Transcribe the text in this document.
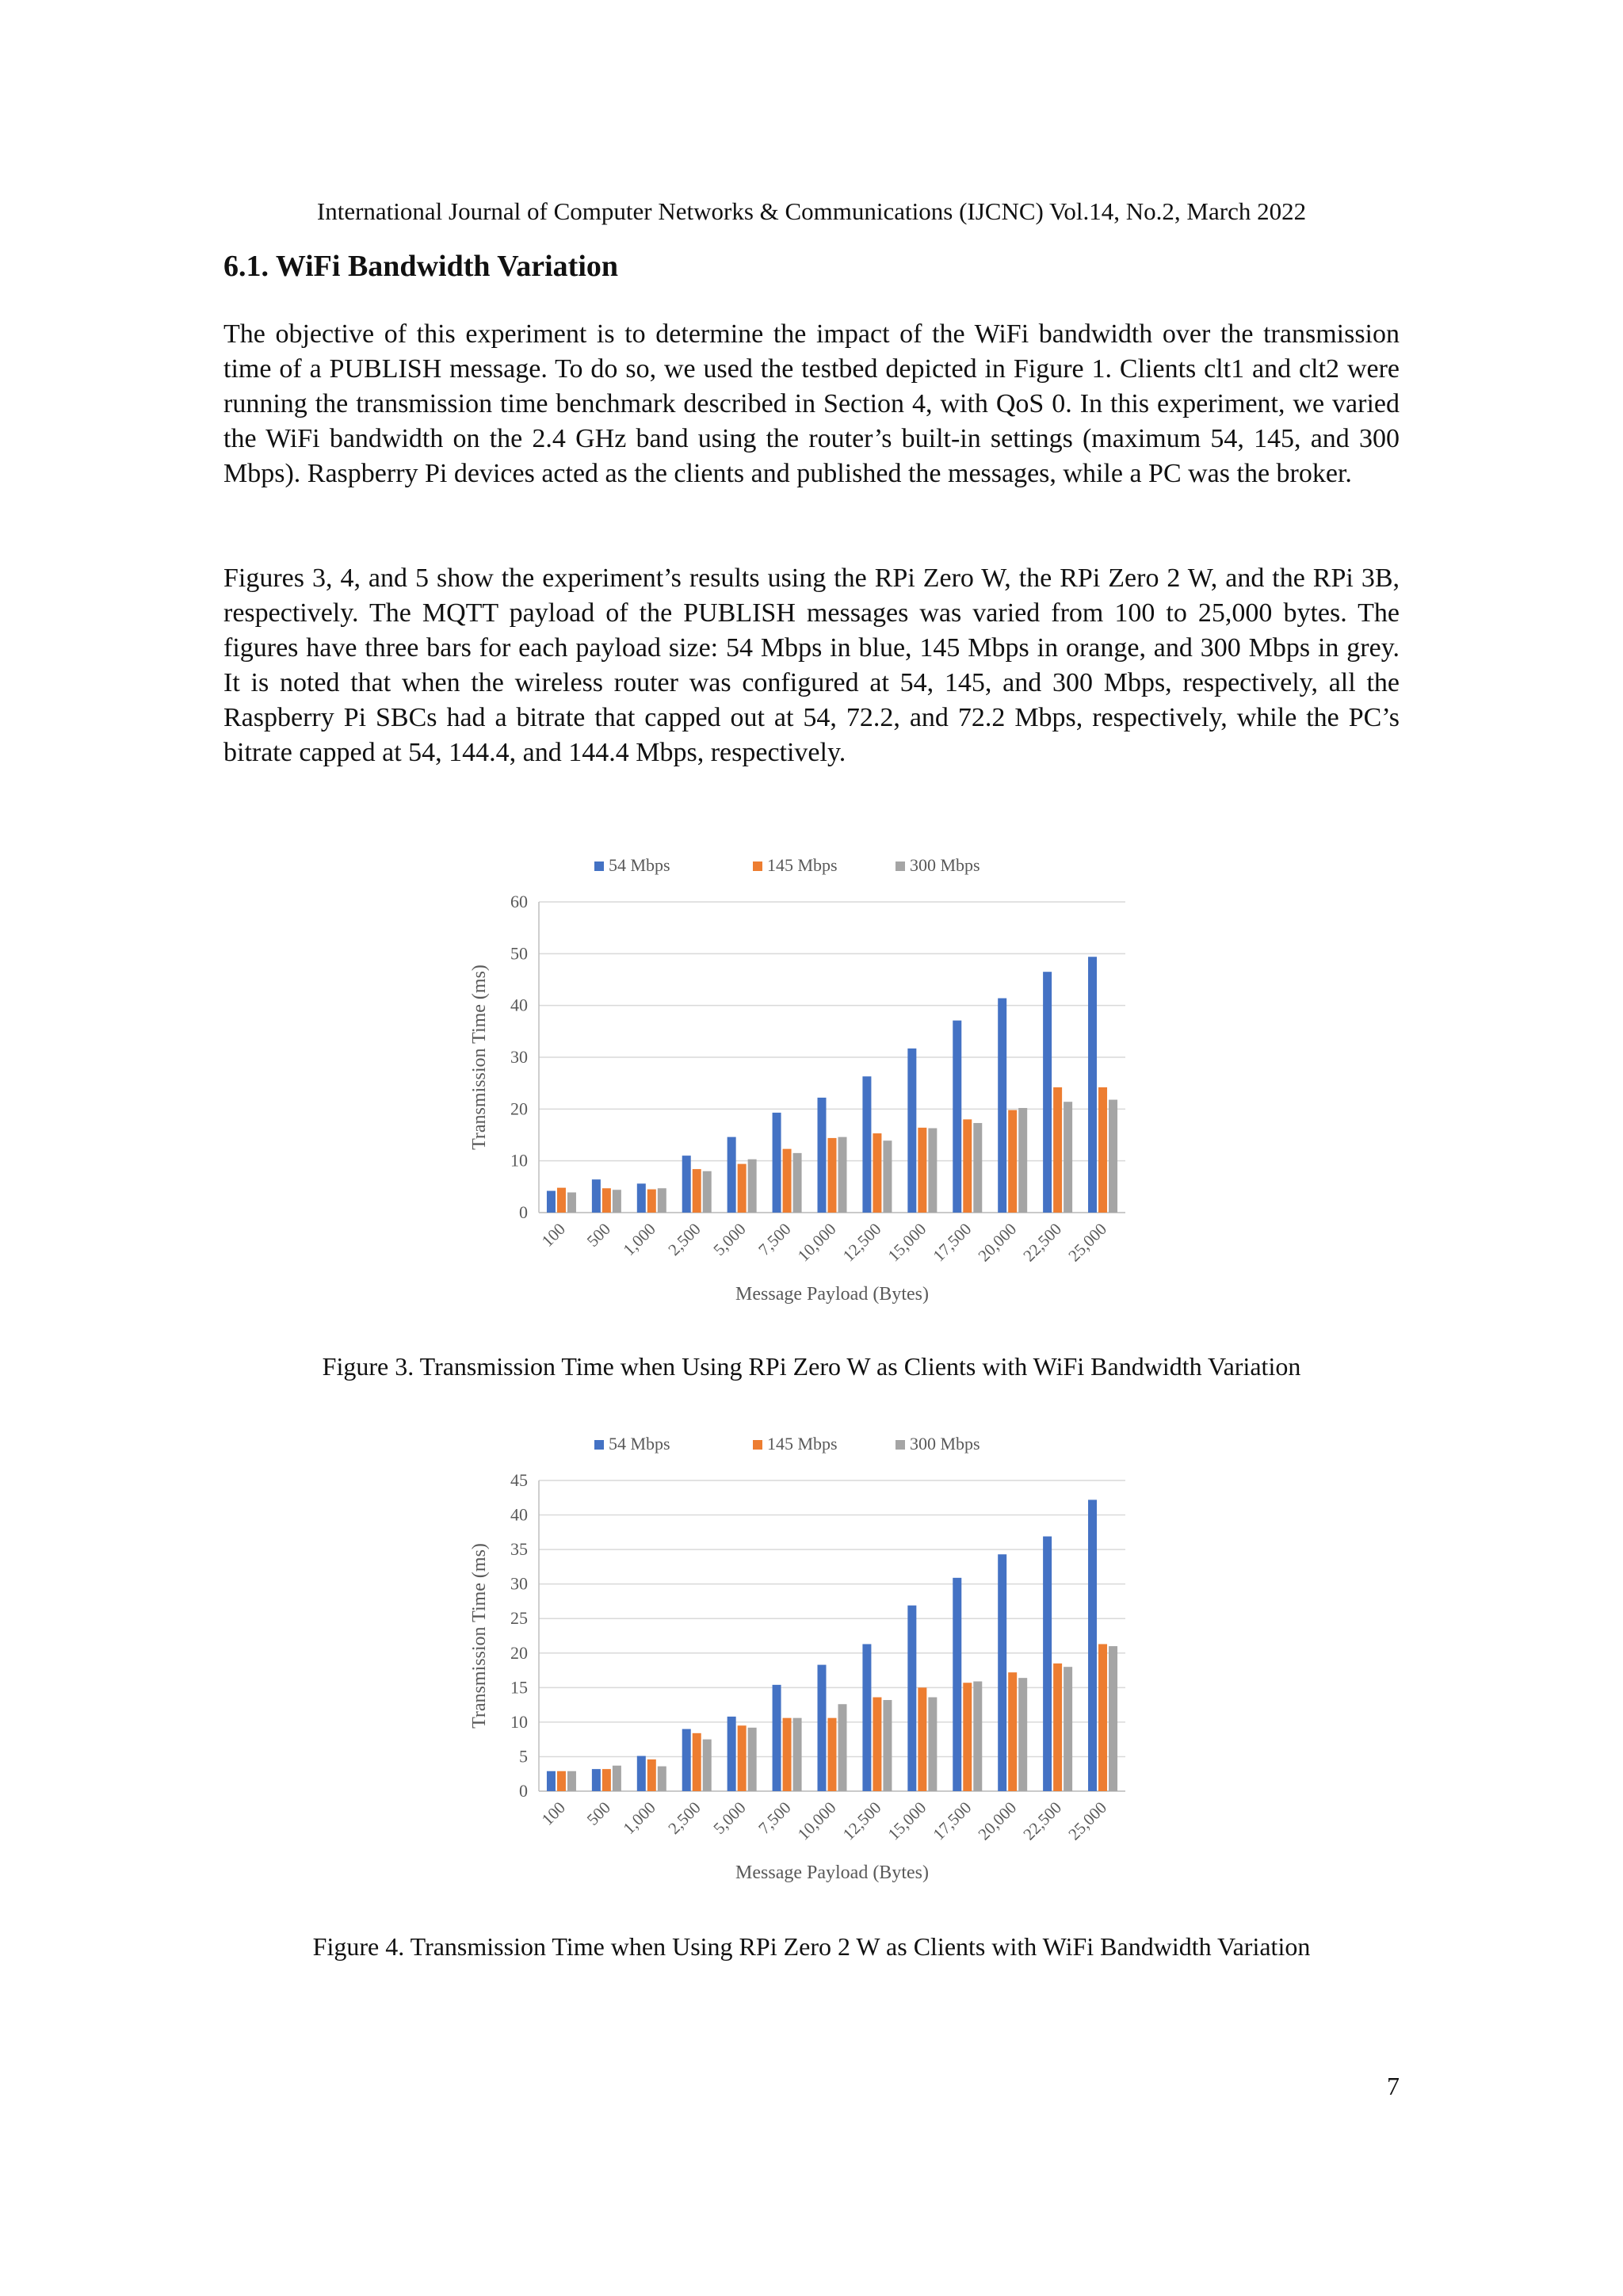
International Journal of Computer Networks & Communications (IJCNC) Vol.14, No.2, March 2022
6.1. WiFi Bandwidth Variation

The objective of this experiment is to determine the impact of the WiFi bandwidth over the transmission time of a PUBLISH message. To do so, we used the testbed depicted in Figure 1. Clients clt1 and clt2 were running the transmission time benchmark described in Section 4, with QoS 0. In this experiment, we varied the WiFi bandwidth on the 2.4 GHz band using the router’s built-in settings (maximum 54, 145, and 300 Mbps). Raspberry Pi devices acted as the clients and published the messages, while a PC was the broker.

Figures 3, 4, and 5 show the experiment’s results using the RPi Zero W, the RPi Zero 2 W, and the RPi 3B, respectively. The MQTT payload of the PUBLISH messages was varied from 100 to 25,000 bytes. The figures have three bars for each payload size: 54 Mbps in blue, 145 Mbps in orange, and 300 Mbps in grey. It is noted that when the wireless router was configured at 54, 145, and 300 Mbps, respectively, all the Raspberry Pi SBCs had a bitrate that capped out at 54, 72.2, and 72.2 Mbps, respectively, while the PC’s bitrate capped at 54, 144.4, and 144.4 Mbps, respectively.

54 Mbps	145 Mbps	300 Mbps
0
10
20
30
40
50
60
100 500 1,000 2,500 5,000 7,500 10,000 12,500 15,000 17,500 20,000 22,500 25,000
Message Payload (Bytes)
Transmission Time (ms)
Figure 3. Transmission Time when Using RPi Zero W as Clients with WiFi Bandwidth Variation
54 Mbps	145 Mbps	300 Mbps
0
5
10
15
20
25
30
35
40
45
100 500 1,000 2,500 5,000 7,500 10,000 12,500 15,000 17,500 20,000 22,500 25,000
Message Payload (Bytes)
Transmission Time (ms)
Figure 4. Transmission Time when Using RPi Zero 2 W as Clients with WiFi Bandwidth Variation
7
